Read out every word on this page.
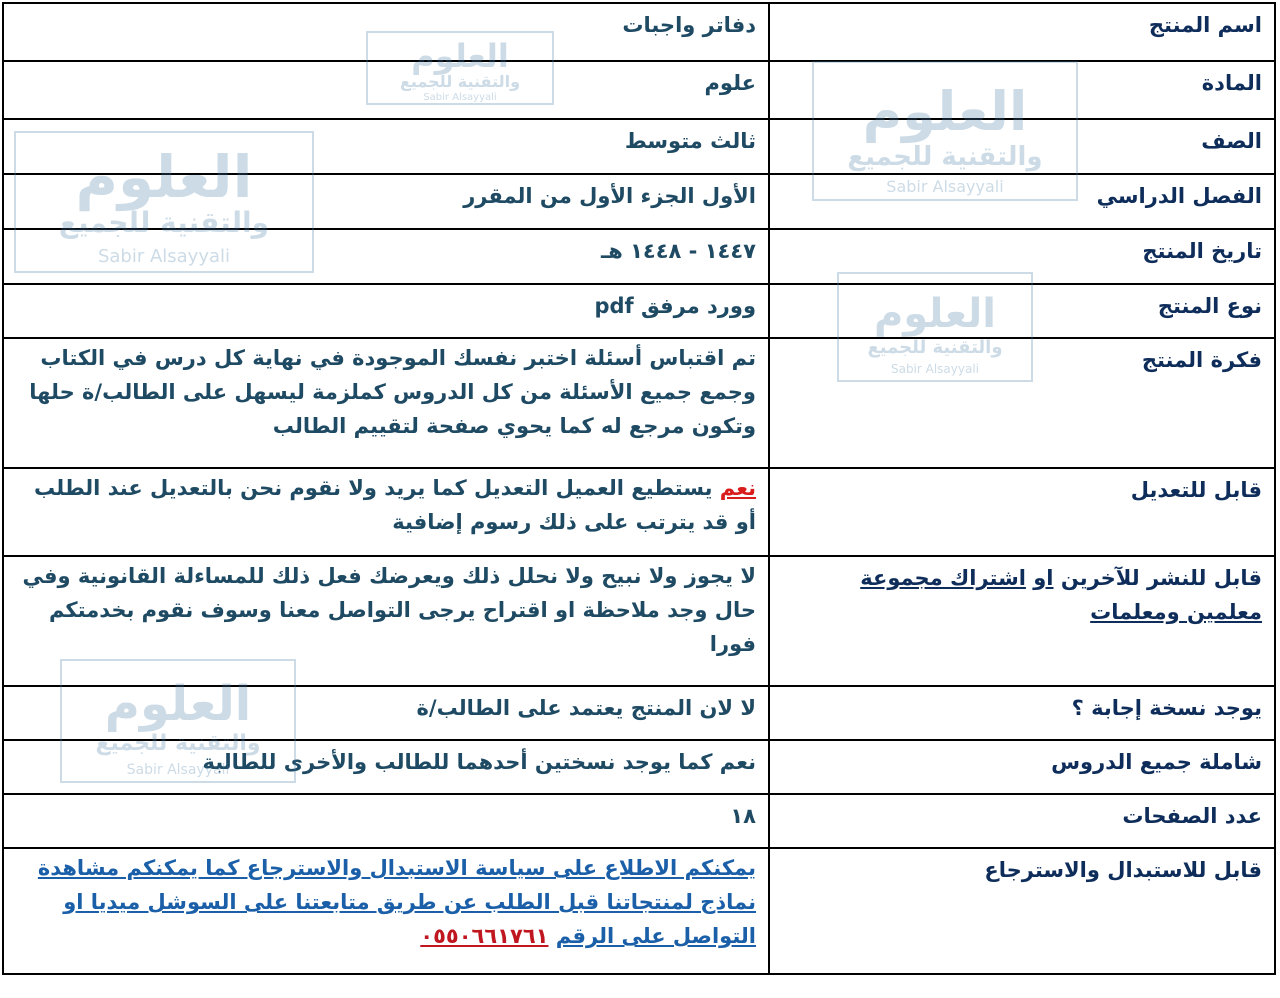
اسم المنتج	دفاتر واجبات
المادة	علوم
الصف	ثالث متوسط
الفصل الدراسي	الأول الجزء الأول من المقرر
تاريخ المنتج	١٤٤٧ - ١٤٤٨ هـ
نوع المنتج	وورد مرفق pdf
فكرة المنتج	تم اقتباس أسئلة اختبر نفسك الموجودة في نهاية كل درس في الكتاب وجمع جميع الأسئلة من كل الدروس كملزمة ليسهل على الطالب/ة حلها وتكون مرجع له كما يحوي صفحة لتقييم الطالب
قابل للتعديل	نعم يستطيع العميل التعديل كما يريد ولا نقوم نحن بالتعديل عند الطلب أو قد يترتب على ذلك رسوم إضافية
قابل للنشر للآخرين او اشتراك مجموعة معلمين ومعلمات	لا يجوز ولا نبيح ولا نحلل ذلك ويعرضك فعل ذلك للمساءلة القانونية وفي حال وجد ملاحظة او اقتراح يرجى التواصل معنا وسوف نقوم بخدمتكم فورا
يوجد نسخة إجابة ؟	لا لان المنتج يعتمد على الطالب/ة
شاملة جميع الدروس	نعم كما يوجد نسختين أحدهما للطالب والأخرى للطالبة
عدد الصفحات	١٨
قابل للاستبدال والاسترجاع	يمكنكم الاطلاع على سياسة الاستبدال والاسترجاع كما يمكنكم مشاهدة نماذج لمنتجاتنا قبل الطلب عن طريق متابعتنا على السوشل ميديا او التواصل على الرقم ٠٥٥٠٦٦١٧٦١
العلوم
والتقنية للجميع
Sabir Alsayyali
العلوم
والتقنية للجميع
Sabir Alsayyali
العلوم
والتقنية للجميع
Sabir Alsayyali
العلوم
والتقنية للجميع
Sabir Alsayyali
العلوم
والتقنية للجميع
Sabir Alsayyali
